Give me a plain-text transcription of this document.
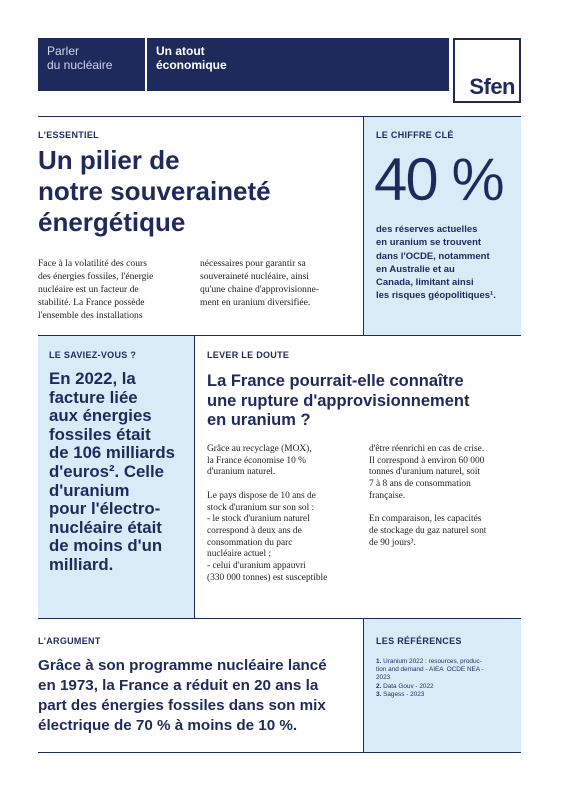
Parler
du nucléaire
Un atout
économique
Sfen
LE CHIFFRE CLÉ
40 %
des réserves actuelles
en uranium se trouvent
dans l'OCDE, notamment
en Australie et au
Canada, limitant ainsi
les risques géopolitiques¹.
L'ESSENTIEL
Un pilier de
notre souveraineté
énergétique
Face à la volatilité des cours
des énergies fossiles, l'énergie
nucléaire est un facteur de
stabilité. La France possède
l'ensemble des installations
nécessaires pour garantir sa
souveraineté nucléaire, ainsi
qu'une chaine d'approvisionne-
ment en uranium diversifiée.
LE SAVIEZ-VOUS ?
En 2022, la
facture liée
aux énergies
fossiles était
de 106 milliards
d'euros². Celle
d'uranium
pour l'électro-
nucléaire était
de moins d'un
milliard.
LEVER LE DOUTE
La France pourrait-elle connaître
une rupture d'approvisionnement
en uranium ?
Grâce au recyclage (MOX),
la France économise 10 %
d'uranium naturel.

Le pays dispose de 10 ans de
stock d'uranium sur son sol :
- le stock d'uranium naturel
correspond à deux ans de
consommation du parc
nucléaire actuel ;
- celui d'uranium appauvri
(330 000 tonnes) est susceptible
d'être réenrichi en cas de crise.
Il correspond à environ 60 000
tonnes d'uranium naturel, soit
7 à 8 ans de consommation
française.

En comparaison, les capacités
de stockage du gaz naturel sont
de 90 jours³.
L'ARGUMENT
Grâce à son programme nucléaire lancé
en 1973, la France a réduit en 20 ans la
part des énergies fossiles dans son mix
électrique de 70 % à moins de 10 %.
LES RÉFÉRENCES
1. Uranium 2022 : resources, produc-
tion and demand - AIEA  OCDE NEA -
2023
2. Data Gouv - 2022
3. Sagess - 2023
